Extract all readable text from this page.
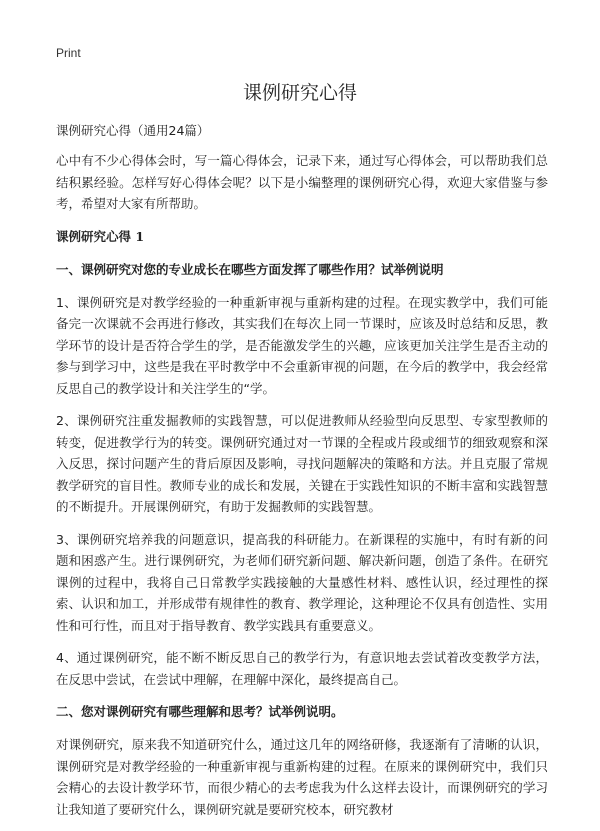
Print
课例研究心得
课例研究心得（通用24篇）

心中有不少心得体会时，写一篇心得体会，记录下来，通过写心得体会，可以帮助我们总结积累经验。怎样写好心得体会呢？以下是小编整理的课例研究心得，欢迎大家借鉴与参考，希望对大家有所帮助。

课例研究心得 1
一、课例研究对您的专业成长在哪些方面发挥了哪些作用？试举例说明

1、课例研究是对教学经验的一种重新审视与重新构建的过程。在现实教学中，我们可能备完一次课就不会再进行修改，其实我们在每次上同一节课时，应该及时总结和反思，教学环节的设计是否符合学生的学，是否能激发学生的兴趣，应该更加关注学生是否主动的参与到学习中，这些是我在平时教学中不会重新审视的问题，在今后的教学中，我会经常反思自己的教学设计和关注学生的“学。

2、课例研究注重发掘教师的实践智慧，可以促进教师从经验型向反思型、专家型教师的转变，促进教学行为的转变。课例研究通过对一节课的全程或片段或细节的细致观察和深入反思，探讨问题产生的背后原因及影响，寻找问题解决的策略和方法。并且克服了常规教学研究的盲目性。教师专业的成长和发展，关键在于实践性知识的不断丰富和实践智慧的不断提升。开展课例研究，有助于发掘教师的实践智慧。

3、课例研究培养我的问题意识，提高我的科研能力。在新课程的实施中，有时有新的问题和困惑产生。进行课例研究，为老师们研究新问题、解决新问题，创造了条件。在研究课例的过程中，我将自己日常教学实践接触的大量感性材料、感性认识，经过理性的探索、认识和加工，并形成带有规律性的教育、教学理论，这种理论不仅具有创造性、实用性和可行性，而且对于指导教育、教学实践具有重要意义。

4、通过课例研究，能不断不断反思自己的教学行为，有意识地去尝试着改变教学方法，在反思中尝试，在尝试中理解，在理解中深化，最终提高自己。

二、您对课例研究有哪些理解和思考？试举例说明。

对课例研究，原来我不知道研究什么，通过这几年的网络研修，我逐渐有了清晰的认识，课例研究是对教学经验的一种重新审视与重新构建的过程。在原来的课例研究中，我们只会精心的去设计教学环节，而很少精心的去考虑我为什么这样去设计，而课例研究的学习让我知道了要研究什么，课例研究就是要研究校本，研究教材
